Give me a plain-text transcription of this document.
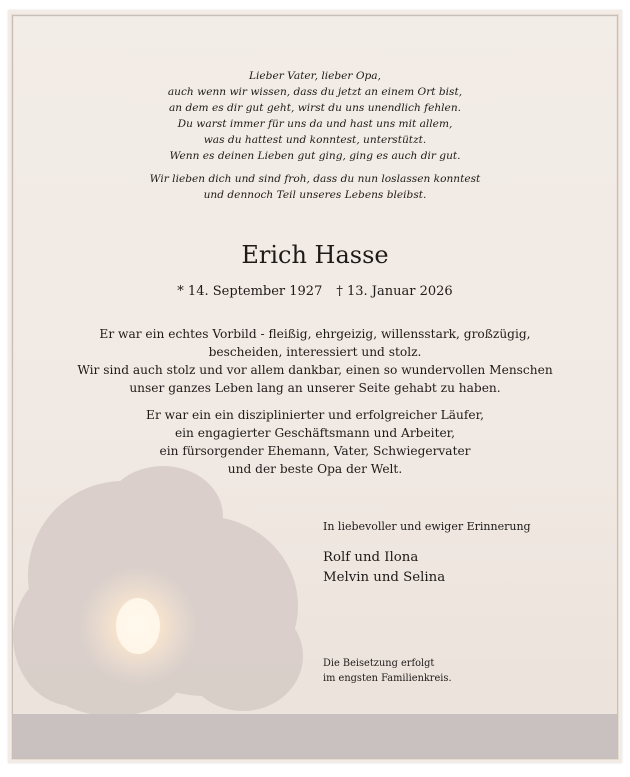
Lieber Vater, lieber Opa,
auch wenn wir wissen, dass du jetzt an einem Ort bist,
an dem es dir gut geht, wirst du uns unendlich fehlen.
Du warst immer für uns da und hast uns mit allem,
was du hattest und konntest, unterstützt.
Wenn es deinen Lieben gut ging, ging es auch dir gut.

Wir lieben dich und sind froh, dass du nun loslassen konntest
und dennoch Teil unseres Lebens bleibst.

Erich Hasse
* 14. September 1927 † 13. Januar 2026

Er war ein echtes Vorbild - fleißig, ehrgeizig, willensstark, großzügig,
bescheiden, interessiert und stolz.
Wir sind auch stolz und vor allem dankbar, einen so wundervollen Menschen
unser ganzes Leben lang an unserer Seite gehabt zu haben.

Er war ein ein disziplinierter und erfolgreicher Läufer,
ein engagierter Geschäftsmann und Arbeiter,
ein fürsorgender Ehemann, Vater, Schwiegervater
und der beste Opa der Welt.

In liebevoller und ewiger Erinnerung
Rolf und Ilona
Melvin und Selina
Die Beisetzung erfolgt
im engsten Familienkreis.
